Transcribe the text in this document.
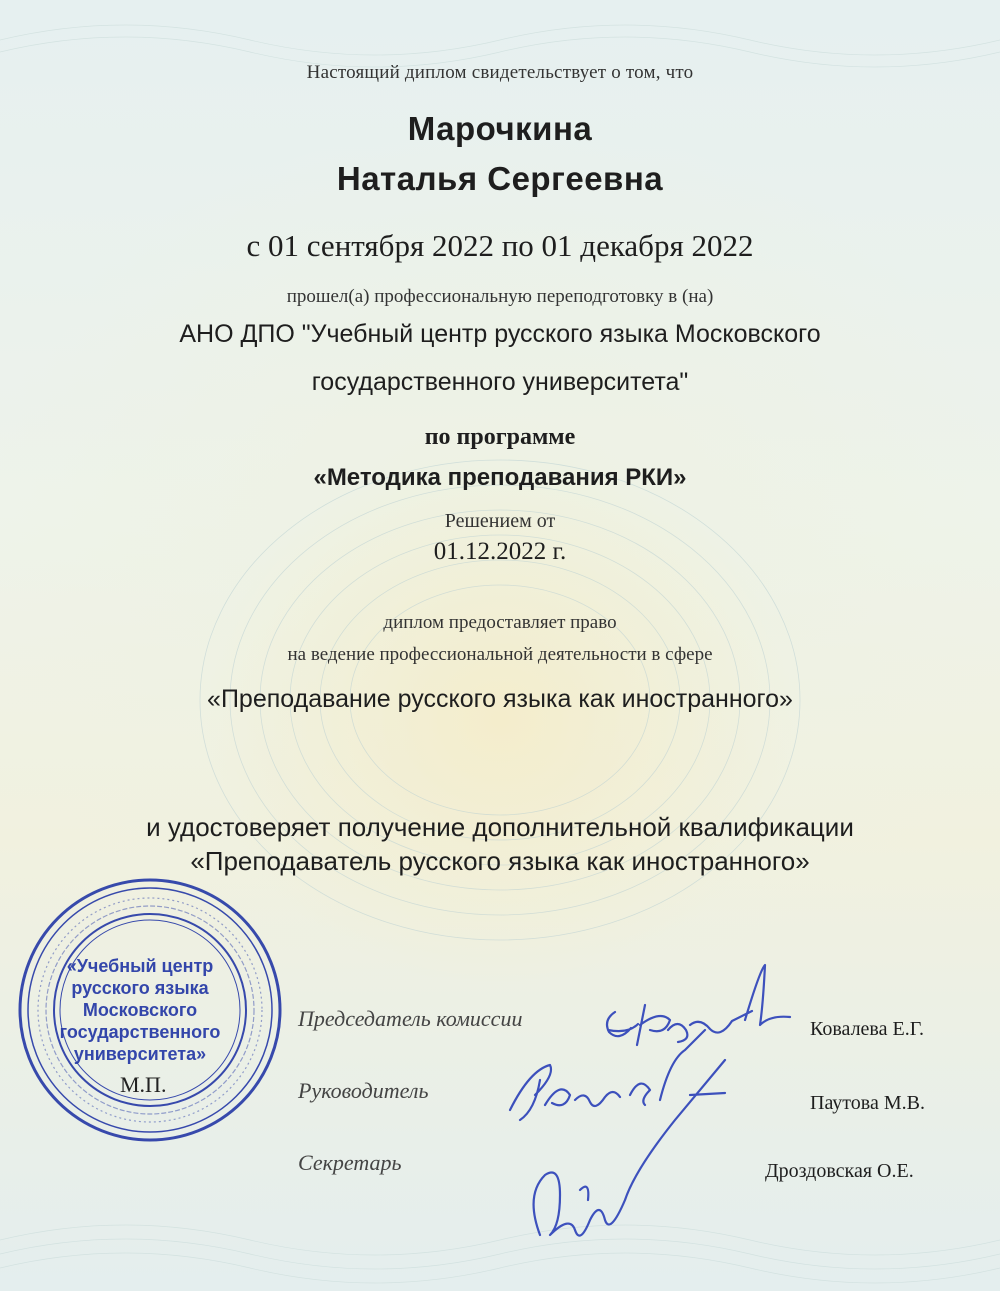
Настоящий диплом свидетельствует о том, что
Марочкина
Наталья Сергеевна
с 01 сентября 2022 по 01 декабря 2022
прошел(а) профессиональную переподготовку в (на)
АНО ДПО "Учебный центр русского языка Московского
государственного университета"
по программе
«Методика преподавания РКИ»
Решением от
01.12.2022 г.
диплом предоставляет право
на ведение профессиональной деятельности в сфере
«Преподавание русского языка как иностранного»
и удостоверяет получение дополнительной квалификации
«Преподаватель русского языка как иностранного»
«Учебный центр
русского языка
Московского
государственного
университета»
М.П.
Председатель комиссии	Ковалева Е.Г.
Руководитель	Паутова М.В.
Секретарь	Дроздовская О.Е.
